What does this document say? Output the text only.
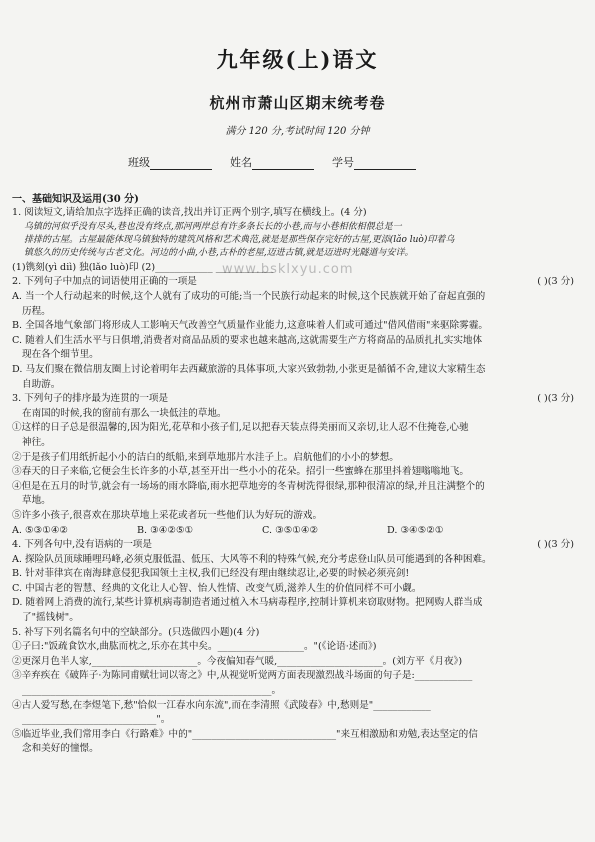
九年级(上)语文
杭州市萧山区期末统考卷
满分 120 分,考试时间 120 分钟
班级	姓名	学号
一、基础知识及运用(30 分)
www.bsklxyu.com

1. 阅读短文,请给加点字选择正确的读音,找出并订正两个别字,填写在横线上。(4 分)

乌镇的河似乎没有尽头,巷也没有终点,那河两岸总有许多条长长的小巷,而与小巷相依相偎总是一

排排的古屋。古屋最能体现乌镇独特的建筑风格和艺术典范,就是是那些保存完好的古屋,更添(lǎo luò)印着乌

镇悠久的历史传统与古老文化。河边的小曲,小巷,古朴的老屋,迈进古镇,就是迈进时光隧道与安详。

(1)镌刻(yì diì) 独(lǎo luò)印 (2)____________ ____________

2. 下列句子中加点的词语使用正确的一项是	( )(3 分)

A. 当一个人行动起来的时候,这个人就有了成功的可能;当一个民族行动起来的时候,这个民族就开始了奋起直强的

历程。

B. 全国各地气象部门将形成人工影响天气改善空气质量作业能力,这意味着人们或可通过"借风借雨"来驱除雾霾。

C. 随着人们生活水平与日俱增,消费者对商品品质的要求也越来越高,这就需要生产方将商品的品质扎扎实实地体

现在各个细节里。

D. 马友们聚在微信朋友圈上讨论着明年去西藏旅游的具体事项,大家兴致勃勃,小张更是循循不舍,建议大家精生态

自助游。

3. 下列句子的排序最为连贯的一项是	( )(3 分)

在南国的时候,我的窗前有那么一块低洼的草地。

①这样的日子总是很温馨的,因为阳光,花草和小孩子们,足以把春天装点得美丽而又亲切,让人忍不住掩卷,心驰

神往。

②于是孩子们用纸折起小小的洁白的纸船,来到草地那片水洼子上。启航他们的小小的梦想。

③春天的日子来临,它便会生长许多的小草,甚至开出一些小小的花朵。招引一些蜜蜂在那里抖着翅嗡嗡地飞。

④但是在五月的时节,就会有一场场的雨水降临,雨水把草地旁的冬青树洗得很绿,那种很清凉的绿,并且注满整个的

草地。

⑤许多小孩子,很喜欢在那块草地上采花或者玩一些他们认为好玩的游戏。

A. ⑤③①④②	B. ③④②⑤①	C. ③⑤①④②	D. ③④⑤②①

4. 下列各句中,没有语病的一项是	( )(3 分)

A. 探险队员顶球睡哩玛峰,必须克服低温、低压、大风等不利的特殊气候,充分考虑登山队员可能遇到的各种困难。

B. 针对菲律宾在南海肆意侵犯我国领土主权,我们已经没有理由继续忍让,必要的时候必须亮剑!

C. 中国古老的智慧、经典的文化让人心智、怡人性情、改变气质,滋养人生的价值同样不可小觑。

D. 随着网上消费的流行,某些计算机病毒制造者通过植入木马病毒程序,控制计算机来窃取财物。把网购人群当成

了"摇钱树"。

5. 补写下列名篇名句中的空缺部分。(只选做四小题)(4 分)

①子曰:"饭疏食饮水,曲肱而枕之,乐亦在其中矣。__________________。"(《论语·述而》)

②更深月色半人家,______________________。今夜偏知春气暖,______________________。(刘方平《月夜》)

③辛弃疾在《破阵子·为陈同甫赋壮词以寄之》中,从视觉听觉两方面表现激烈战斗场面的句子是:____________

____________________________________________________。

④古人爱写愁,在李煜笔下,愁"恰似一江春水向东流",而在李清照《武陵春》中,愁则是"____________

____________________________"。

⑤临近毕业,我们常用李白《行路难》中的"______________________________"来互相激励和劝勉,表达坚定的信

念和美好的憧憬。
